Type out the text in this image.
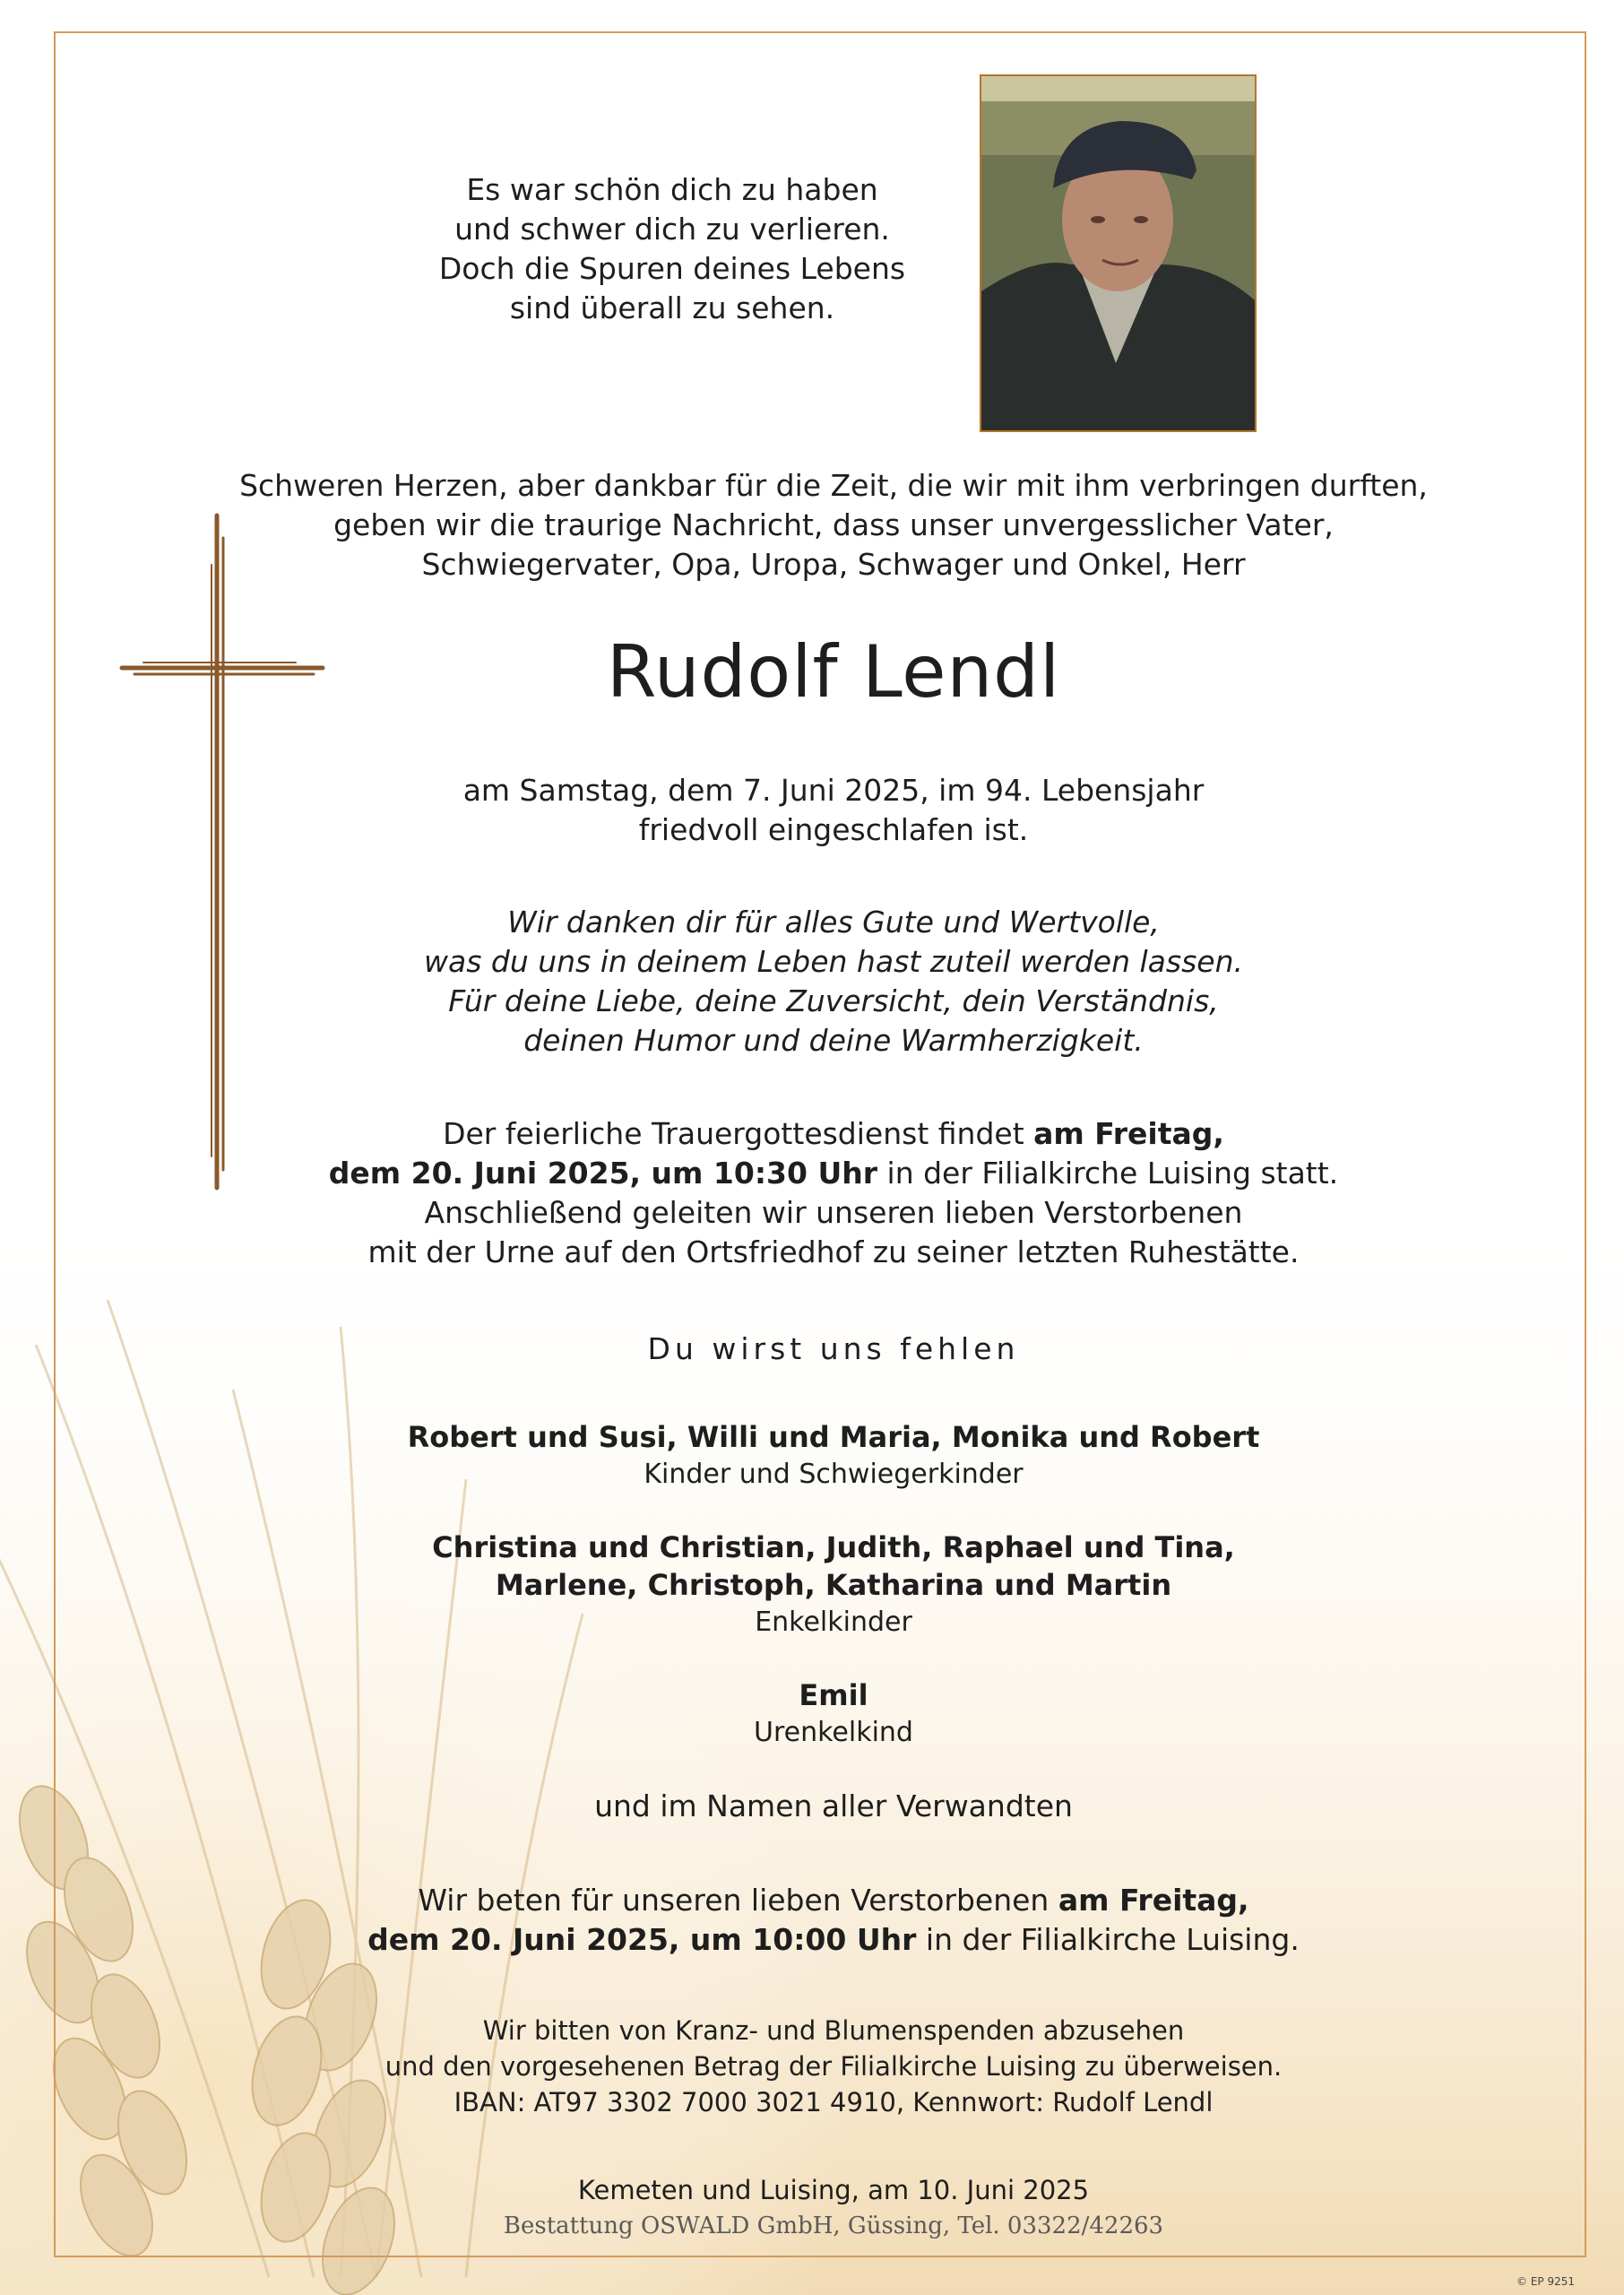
Es war schön dich zu haben
und schwer dich zu verlieren.
Doch die Spuren deines Lebens
sind überall zu sehen.
Schweren Herzen, aber dankbar für die Zeit, die wir mit ihm verbringen durften,
geben wir die traurige Nachricht, dass unser unvergesslicher Vater,
Schwiegervater, Opa, Uropa, Schwager und Onkel, Herr
Rudolf Lendl
am Samstag, dem 7. Juni 2025, im 94. Lebensjahr
friedvoll eingeschlafen ist.
Wir danken dir für alles Gute und Wertvolle,
was du uns in deinem Leben hast zuteil werden lassen.
Für deine Liebe, deine Zuversicht, dein Verständnis,
deinen Humor und deine Warmherzigkeit.
Der feierliche Trauergottesdienst findet am Freitag,
dem 20. Juni 2025, um 10:30 Uhr in der Filialkirche Luising statt.
Anschließend geleiten wir unseren lieben Verstorbenen
mit der Urne auf den Ortsfriedhof zu seiner letzten Ruhestätte.
Du wirst uns fehlen
Robert und Susi, Willi und Maria, Monika und Robert
Kinder und Schwiegerkinder
Christina und Christian, Judith, Raphael und Tina,
Marlene, Christoph, Katharina und Martin
Enkelkinder
Emil
Urenkelkind
und im Namen aller Verwandten
Wir beten für unseren lieben Verstorbenen am Freitag,
dem 20. Juni 2025, um 10:00 Uhr in der Filialkirche Luising.
Wir bitten von Kranz- und Blumenspenden abzusehen
und den vorgesehenen Betrag der Filialkirche Luising zu überweisen.
IBAN: AT97 3302 7000 3021 4910, Kennwort: Rudolf Lendl
Kemeten und Luising, am 10. Juni 2025
Bestattung OSWALD GmbH, Güssing, Tel. 03322/42263
© EP 9251
